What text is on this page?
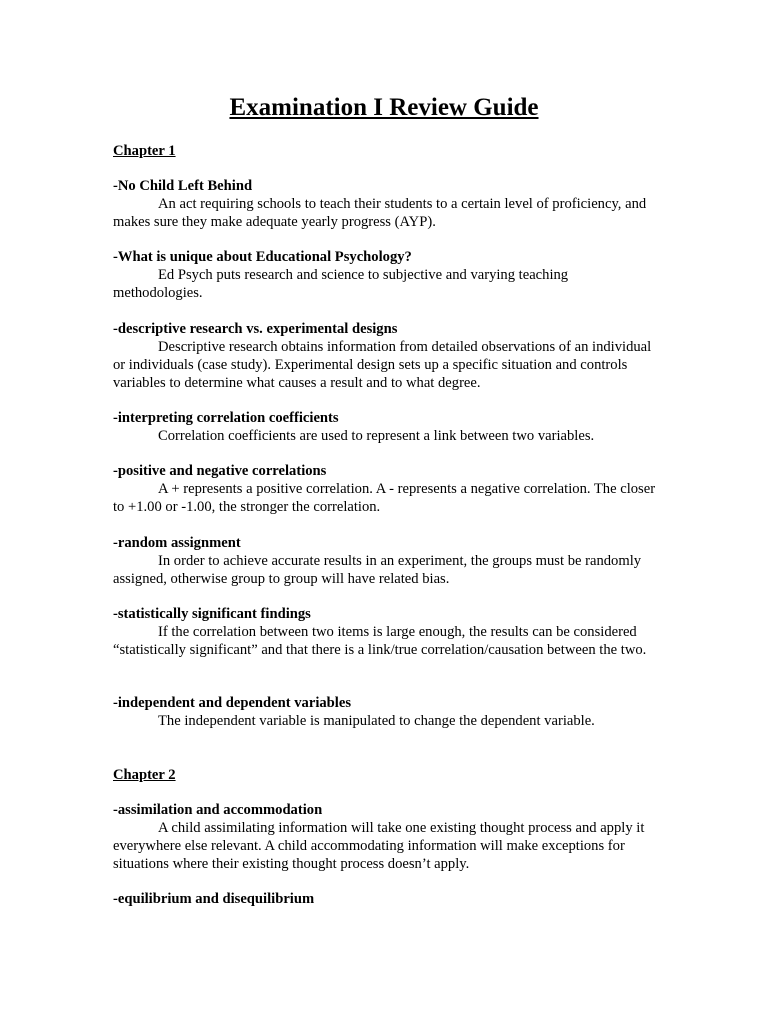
Examination I Review Guide
Chapter 1
-No Child Left Behind
An act requiring schools to teach their students to a certain level of proficiency, and makes sure they make adequate yearly progress (AYP).
-What is unique about Educational Psychology?
Ed Psych puts research and science to subjective and varying teaching methodologies.
-descriptive research vs. experimental designs
Descriptive research obtains information from detailed observations of an individual or individuals (case study). Experimental design sets up a specific situation and controls variables to determine what causes a result and to what degree.
-interpreting correlation coefficients
Correlation coefficients are used to represent a link between two variables.
-positive and negative correlations
A + represents a positive correlation. A - represents a negative correlation. The closer to +1.00 or -1.00, the stronger the correlation.
-random assignment
In order to achieve accurate results in an experiment, the groups must be randomly assigned, otherwise group to group will have related bias.
-statistically significant findings
If the correlation between two items is large enough, the results can be considered “statistically significant” and that there is a link/true correlation/causation between the two.
-independent and dependent variables
The independent variable is manipulated to change the dependent variable.
Chapter 2
-assimilation and accommodation
A child assimilating information will take one existing thought process and apply it everywhere else relevant. A child accommodating information will make exceptions for situations where their existing thought process doesn’t apply.
-equilibrium and disequilibrium
